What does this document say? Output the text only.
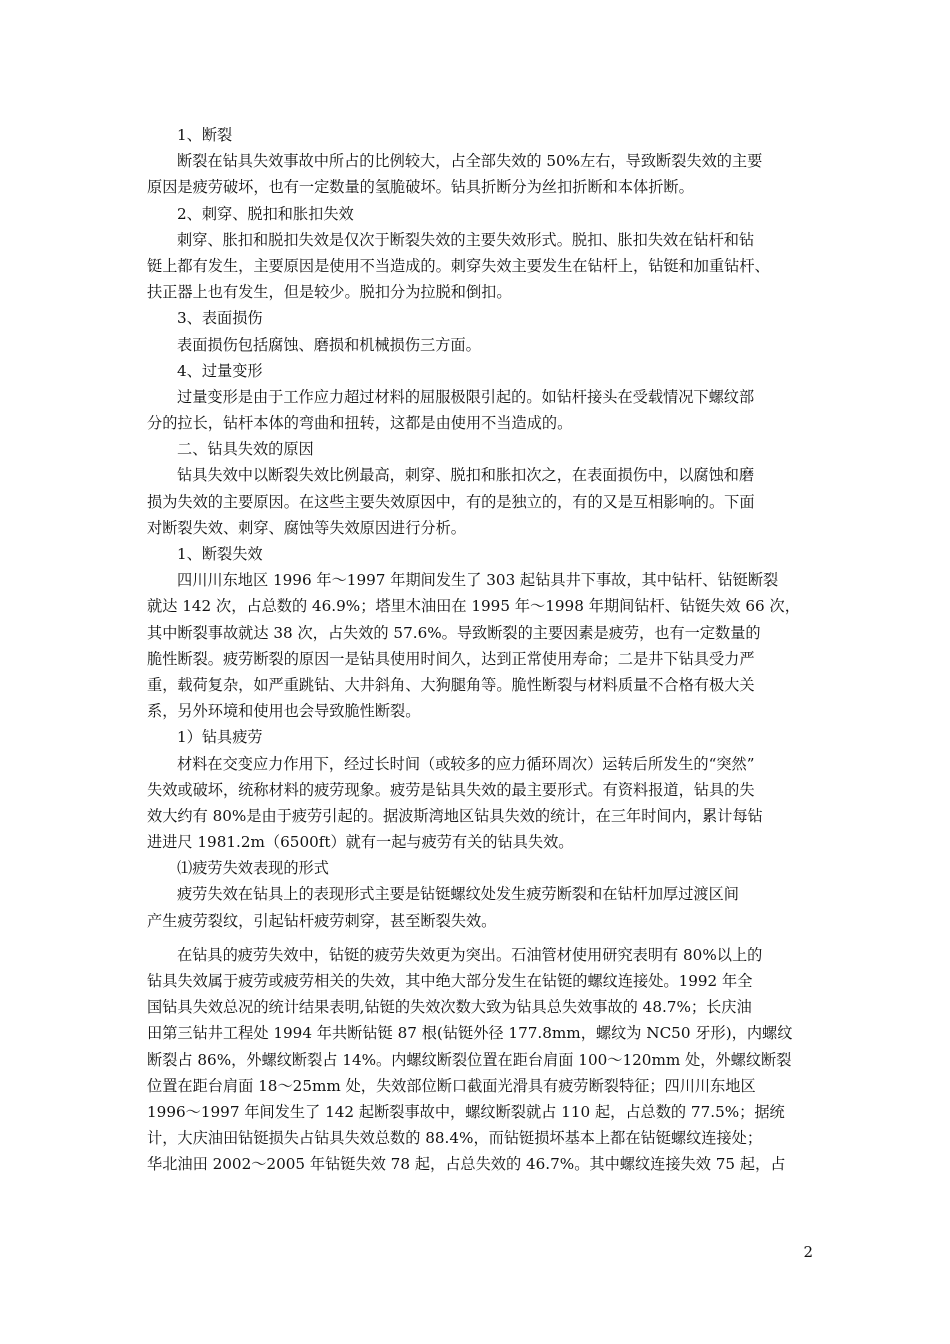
1、断裂
断裂在钻具失效事故中所占的比例较大，占全部失效的 50%左右，导致断裂失效的主要
原因是疲劳破坏，也有一定数量的氢脆破坏。钻具折断分为丝扣折断和本体折断。
2、刺穿、脱扣和胀扣失效
刺穿、胀扣和脱扣失效是仅次于断裂失效的主要失效形式。脱扣、胀扣失效在钻杆和钻
铤上都有发生，主要原因是使用不当造成的。刺穿失效主要发生在钻杆上，钻铤和加重钻杆、
扶正器上也有发生，但是较少。脱扣分为拉脱和倒扣。
3、表面损伤
表面损伤包括腐蚀、磨损和机械损伤三方面。
4、过量变形
过量变形是由于工作应力超过材料的屈服极限引起的。如钻杆接头在受载情况下螺纹部
分的拉长，钻杆本体的弯曲和扭转，这都是由使用不当造成的。
二、钻具失效的原因
钻具失效中以断裂失效比例最高，刺穿、脱扣和胀扣次之，在表面损伤中，以腐蚀和磨
损为失效的主要原因。在这些主要失效原因中，有的是独立的，有的又是互相影响的。下面
对断裂失效、刺穿、腐蚀等失效原因进行分析。
1、断裂失效
四川川东地区 1996 年～1997 年期间发生了 303 起钻具井下事故，其中钻杆、钻铤断裂
就达 142 次，占总数的 46.9%；塔里木油田在 1995 年～1998 年期间钻杆、钻铤失效 66 次，
其中断裂事故就达 38 次，占失效的 57.6%。导致断裂的主要因素是疲劳，也有一定数量的
脆性断裂。疲劳断裂的原因一是钻具使用时间久，达到正常使用寿命；二是井下钻具受力严
重，载荷复杂，如严重跳钻、大井斜角、大狗腿角等。脆性断裂与材料质量不合格有极大关
系，另外环境和使用也会导致脆性断裂。
1）钻具疲劳
材料在交变应力作用下，经过长时间（或较多的应力循环周次）运转后所发生的“突然”
失效或破坏，统称材料的疲劳现象。疲劳是钻具失效的最主要形式。有资料报道，钻具的失
效大约有 80%是由于疲劳引起的。据波斯湾地区钻具失效的统计，在三年时间内，累计每钻
进进尺 1981.2m（6500ft）就有一起与疲劳有关的钻具失效。
⑴疲劳失效表现的形式
疲劳失效在钻具上的表现形式主要是钻铤螺纹处发生疲劳断裂和在钻杆加厚过渡区间
产生疲劳裂纹，引起钻杆疲劳刺穿，甚至断裂失效。
在钻具的疲劳失效中，钻铤的疲劳失效更为突出。石油管材使用研究表明有 80%以上的
钻具失效属于疲劳或疲劳相关的失效，其中绝大部分发生在钻铤的螺纹连接处。1992 年全
国钻具失效总况的统计结果表明,钻铤的失效次数大致为钻具总失效事故的 48.7%；长庆油
田第三钻井工程处 1994 年共断钻铤 87 根(钻铤外径 177.8mm，螺纹为 NC50 牙形)，内螺纹
断裂占 86%，外螺纹断裂占 14%。内螺纹断裂位置在距台肩面 100～120mm 处，外螺纹断裂
位置在距台肩面 18～25mm 处，失效部位断口截面光滑具有疲劳断裂特征；四川川东地区
1996～1997 年间发生了 142 起断裂事故中，螺纹断裂就占 110 起，占总数的 77.5%；据统
计，大庆油田钻铤损失占钻具失效总数的 88.4%，而钻铤损坏基本上都在钻铤螺纹连接处；
华北油田 2002～2005 年钻铤失效 78 起，占总失效的 46.7%。其中螺纹连接失效 75 起，占
2
